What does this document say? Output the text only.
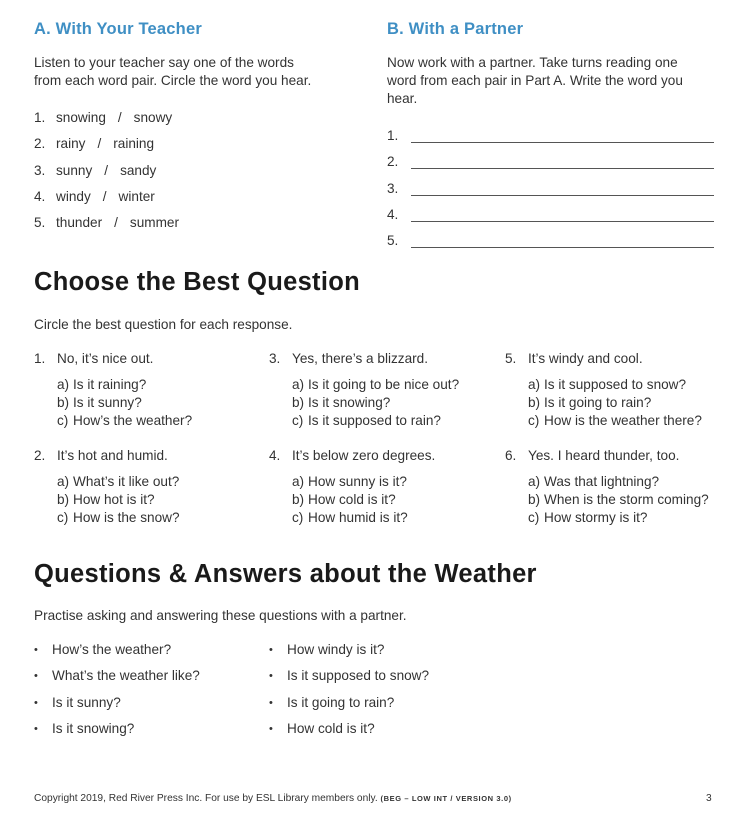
A. With Your Teacher
Listen to your teacher say one of the words
from each word pair. Circle the word you hear.
1. snowing / snowy
2. rainy / raining
3. sunny / sandy
4. windy / winter
5. thunder / summer
B. With a Partner
Now work with a partner. Take turns reading one
word from each pair in Part A. Write the word you hear.
1.
2.
3.
4.
5.
Choose the Best Question
Circle the best question for each response.
1. No, it’s nice out.
a) Is it raining?
b) Is it sunny?
c) How’s the weather?
3. Yes, there’s a blizzard.
a) Is it going to be nice out?
b) Is it snowing?
c) Is it supposed to rain?
5. It’s windy and cool.
a) Is it supposed to snow?
b) Is it going to rain?
c) How is the weather there?
2. It’s hot and humid.
a) What’s it like out?
b) How hot is it?
c) How is the snow?
4. It’s below zero degrees.
a) How sunny is it?
b) How cold is it?
c) How humid is it?
6. Yes. I heard thunder, too.
a) Was that lightning?
b) When is the storm coming?
c) How stormy is it?
Questions & Answers about the Weather
Practise asking and answering these questions with a partner.
•	How’s the weather?
•	What’s the weather like?
•	Is it sunny?
•	Is it snowing?
•	How windy is it?
•	Is it supposed to snow?
•	Is it going to rain?
•	How cold is it?
Copyright 2019, Red River Press Inc. For use by ESL Library members only. (BEG – LOW INT / VERSION 3.0)	3
